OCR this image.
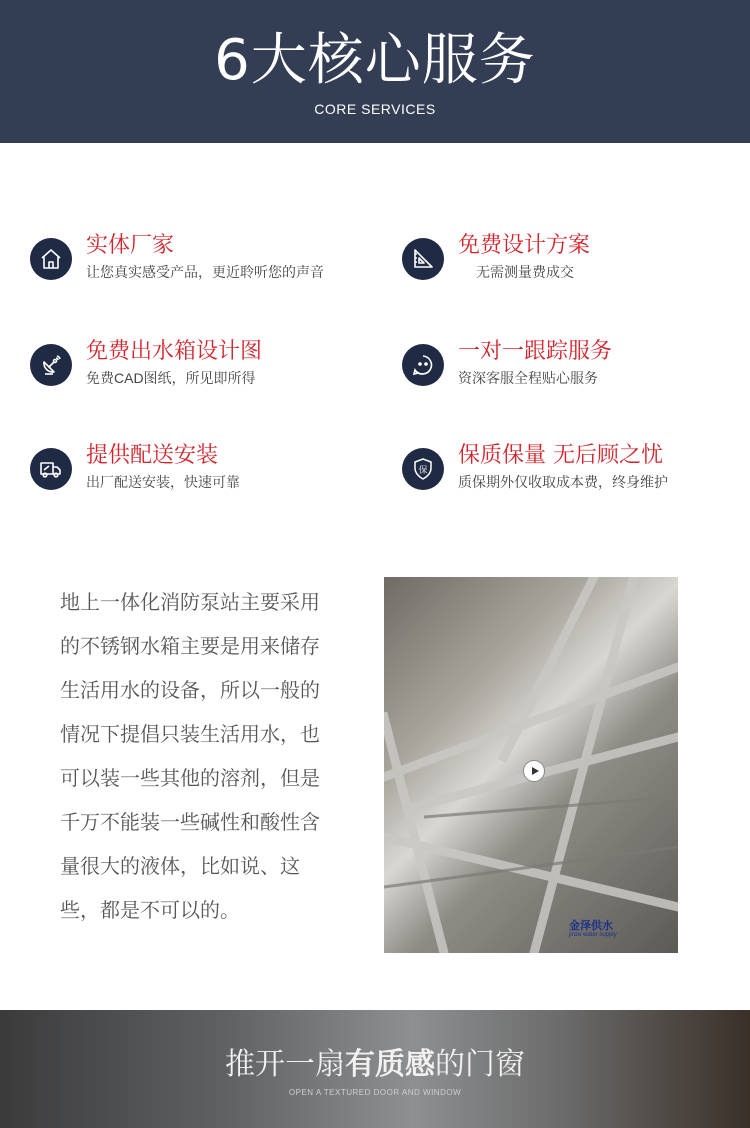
6大核心服务
CORE SERVICES
实体厂家
让您真实感受产品，更近聆听您的声音
免费设计方案
无需测量费成交
免费出水箱设计图
免费CAD图纸，所见即所得
一对一跟踪服务
资深客服全程贴心服务
提供配送安装
出厂配送安装，快速可靠
保
保质保量 无后顾之忧
质保期外仅收取成本费，终身维护
地上一体化消防泵站主要采用
的不锈钢水箱主要是用来储存
生活用水的设备，所以一般的
情况下提倡只装生活用水，也
可以装一些其他的溶剂，但是
千万不能装一些碱性和酸性含
量很大的液体，比如说、这
些，都是不可以的。
金泽供水
jinze water supply
推开一扇有质感的门窗
OPEN A TEXTURED DOOR AND WINDOW
